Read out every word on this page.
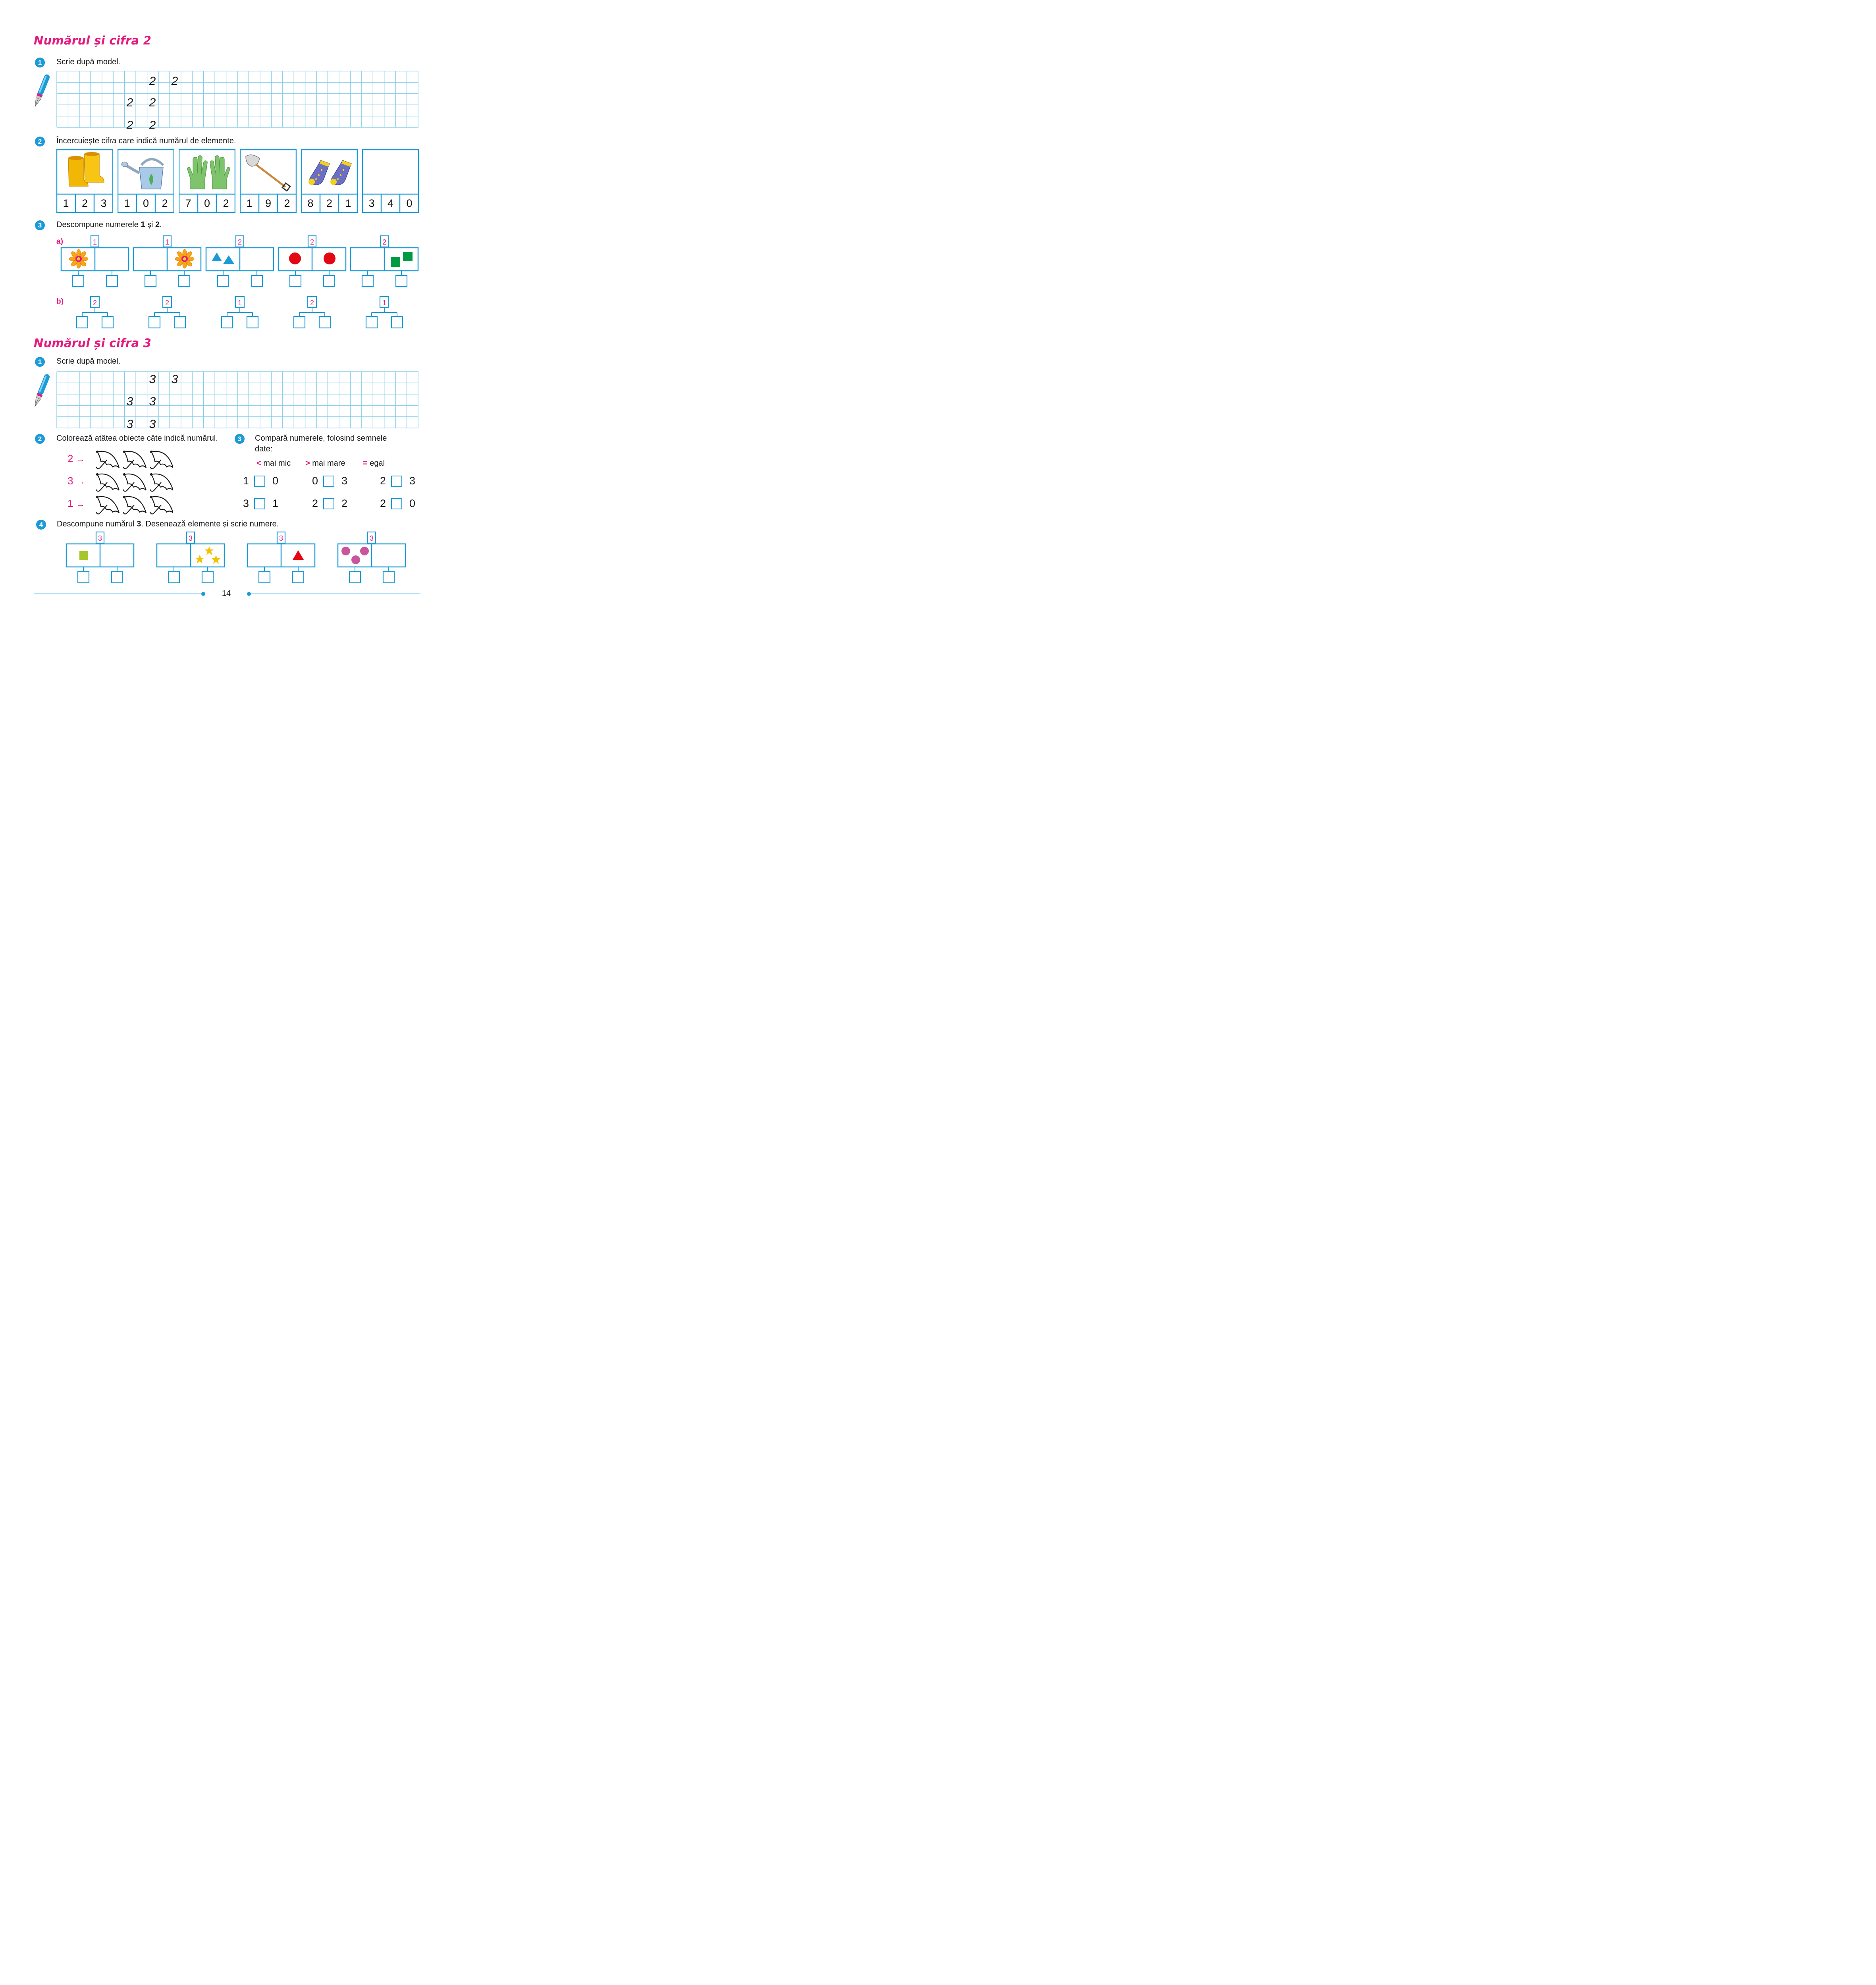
Numărul și cifra 2
1	Scrie după model.
2 2
2 2
2 2
2	Încercuiește cifra care indică numărul de elemente.
1	2	3	1	0	2	7	0	2	1	9	2	8	2	1	3	4	0
3	Descompune numerele 1 și 2.
a)	1	1	2	2	2
b)	2	2	1	2	1
Numărul și cifra 3
1	Scrie după model.
3 3
3 3
3 3
2	Colorează atâtea obiecte câte indică numărul.
2 →
3 →
1 →
3	Compară numerele, folosind semnele
date:
< mai mic > mai mare = egal
1 0	0 3	2 3
3 1	2 2	2 0
4	Descompune numărul 3. Desenează elemente și scrie numere.
3	3	3	3
14
